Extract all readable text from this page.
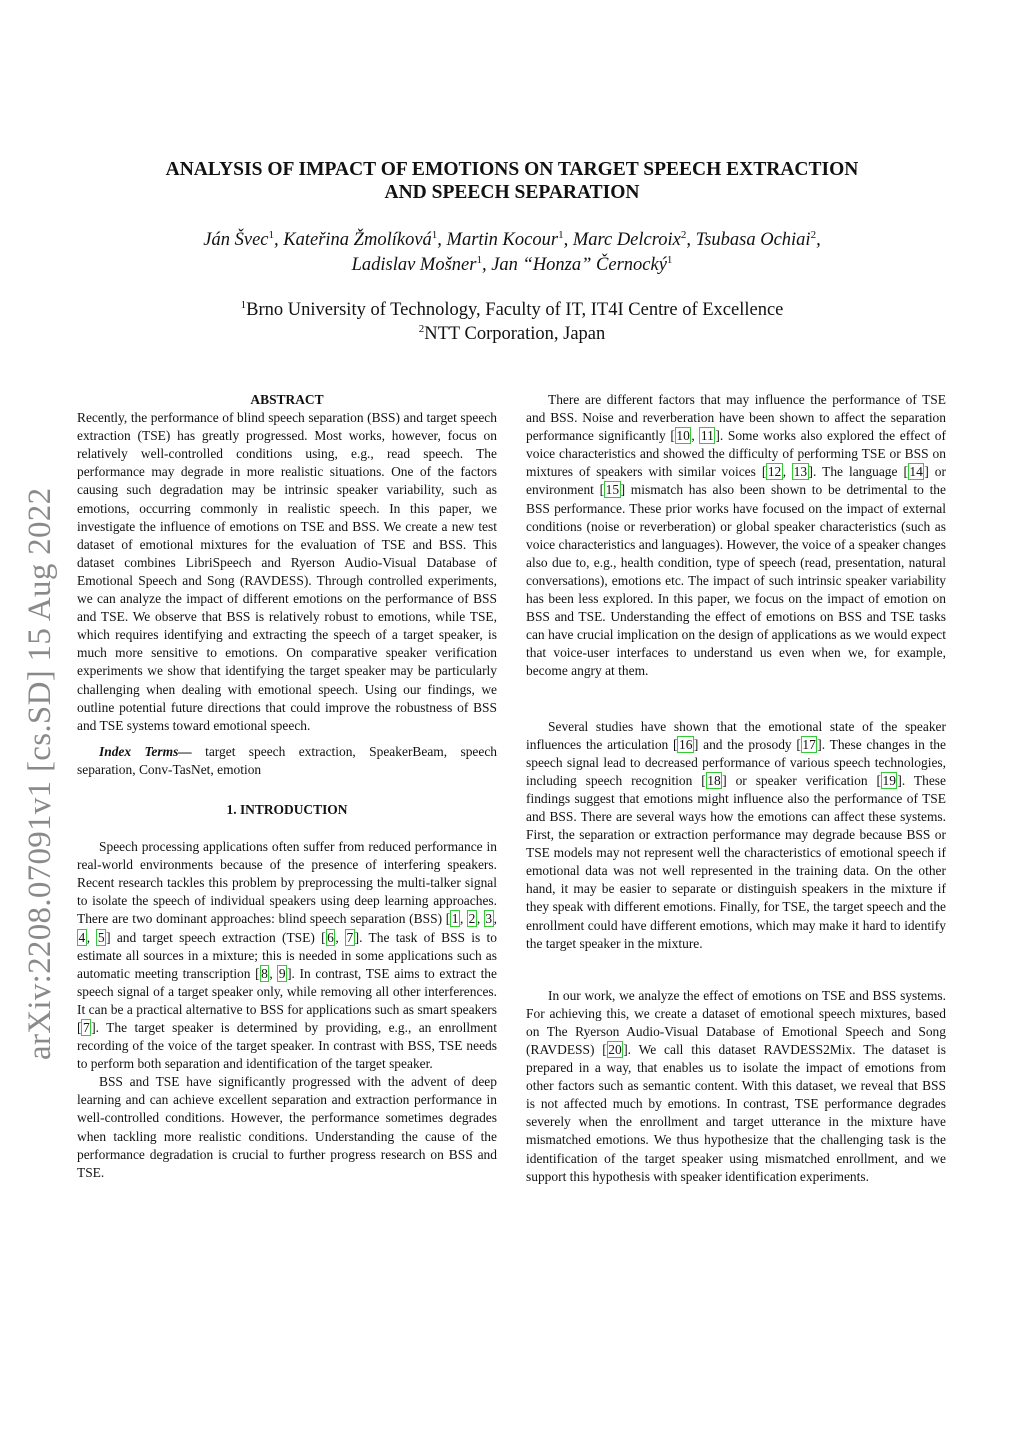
arXiv:2208.07091v1 [cs.SD] 15 Aug 2022
ANALYSIS OF IMPACT OF EMOTIONS ON TARGET SPEECH EXTRACTION
AND SPEECH SEPARATION
Ján Švec$^1$, Kateřina Žmolíková$^1$, Martin Kocour$^1$, Marc Delcroix$^2$, Tsubasa Ochiai$^2$,
Ladislav Mošner$^1$, Jan “Honza” Černocký$^1$
$^1$Brno University of Technology, Faculty of IT, IT4I Centre of Excellence
$^2$NTT Corporation, Japan
ABSTRACT

Recently, the performance of blind speech separation (BSS) and target speech extraction (TSE) has greatly progressed. Most works, however, focus on relatively well-controlled conditions using, e.g., read speech. The performance may degrade in more realistic situations. One of the factors causing such degradation may be intrinsic speaker variability, such as emotions, occurring commonly in realistic speech. In this paper, we investigate the influence of emotions on TSE and BSS. We create a new test dataset of emotional mixtures for the evaluation of TSE and BSS. This dataset combines LibriSpeech and Ryerson Audio-Visual Database of Emotional Speech and Song (RAVDESS). Through controlled experiments, we can analyze the impact of different emotions on the performance of BSS and TSE. We observe that BSS is relatively robust to emotions, while TSE, which requires identifying and extracting the speech of a target speaker, is much more sensitive to emotions. On comparative speaker verification experiments we show that identifying the target speaker may be particularly challenging when dealing with emotional speech. Using our findings, we outline potential future directions that could improve the robustness of BSS and TSE systems toward emotional speech.

Index Terms— target speech extraction, SpeakerBeam, speech separation, Conv-TasNet, emotion

1. INTRODUCTION

Speech processing applications often suffer from reduced performance in real-world environments because of the presence of interfering speakers. Recent research tackles this problem by preprocessing the multi-talker signal to isolate the speech of individual speakers using deep learning approaches. There are two dominant approaches: blind speech separation (BSS) [ 1 , 2 , 3 , 4 , 5 ] and target speech extraction (TSE) [ 6 , 7 ]. The task of BSS is to estimate all sources in a mixture; this is needed in some applications such as automatic meeting transcription [ 8 , 9 ]. In contrast, TSE aims to extract the speech signal of a target speaker only, while removing all other interferences. It can be a practical alternative to BSS for applications such as smart speakers [ 7 ]. The target speaker is determined by providing, e.g., an enrollment recording of the voice of the target speaker. In contrast with BSS, TSE needs to perform both separation and identification of the target speaker.

BSS and TSE have significantly progressed with the advent of deep learning and can achieve excellent separation and extraction performance in well-controlled conditions. However, the performance sometimes degrades when tackling more realistic conditions. Understanding the cause of the performance degradation is crucial to further progress research on BSS and TSE.

There are different factors that may influence the performance of TSE and BSS. Noise and reverberation have been shown to affect the separation performance significantly [ 10 , 11 ]. Some works also explored the effect of voice characteristics and showed the difficulty of performing TSE or BSS on mixtures of speakers with similar voices [ 12 , 13 ]. The language [ 14 ] or environment [ 15 ] mismatch has also been shown to be detrimental to the BSS performance. These prior works have focused on the impact of external conditions (noise or reverberation) or global speaker characteristics (such as voice characteristics and languages). However, the voice of a speaker changes also due to, e.g., health condition, type of speech (read, presentation, natural conversations), emotions etc. The impact of such intrinsic speaker variability has been less explored. In this paper, we focus on the impact of emotion on BSS and TSE. Understanding the effect of emotions on BSS and TSE tasks can have crucial implication on the design of applications as we would expect that voice-user interfaces to understand us even when we, for example, become angry at them.

Several studies have shown that the emotional state of the speaker influences the articulation [ 16 ] and the prosody [ 17 ]. These changes in the speech signal lead to decreased performance of various speech technologies, including speech recognition [ 18 ] or speaker verification [ 19 ]. These findings suggest that emotions might influence also the performance of TSE and BSS. There are several ways how the emotions can affect these systems. First, the separation or extraction performance may degrade because BSS or TSE models may not represent well the characteristics of emotional speech if emotional data was not well represented in the training data. On the other hand, it may be easier to separate or distinguish speakers in the mixture if they speak with different emotions. Finally, for TSE, the target speech and the enrollment could have different emotions, which may make it hard to identify the target speaker in the mixture.

In our work, we analyze the effect of emotions on TSE and BSS systems. For achieving this, we create a dataset of emotional speech mixtures, based on The Ryerson Audio-Visual Database of Emotional Speech and Song (RAVDESS) [ 20 ]. We call this dataset RAVDESS2Mix. The dataset is prepared in a way, that enables us to isolate the impact of emotions from other factors such as semantic content. With this dataset, we reveal that BSS is not affected much by emotions. In contrast, TSE performance degrades severely when the enrollment and target utterance in the mixture have mismatched emotions. We thus hypothesize that the challenging task is the identification of the target speaker using mismatched enrollment, and we support this hypothesis with speaker identification experiments.
